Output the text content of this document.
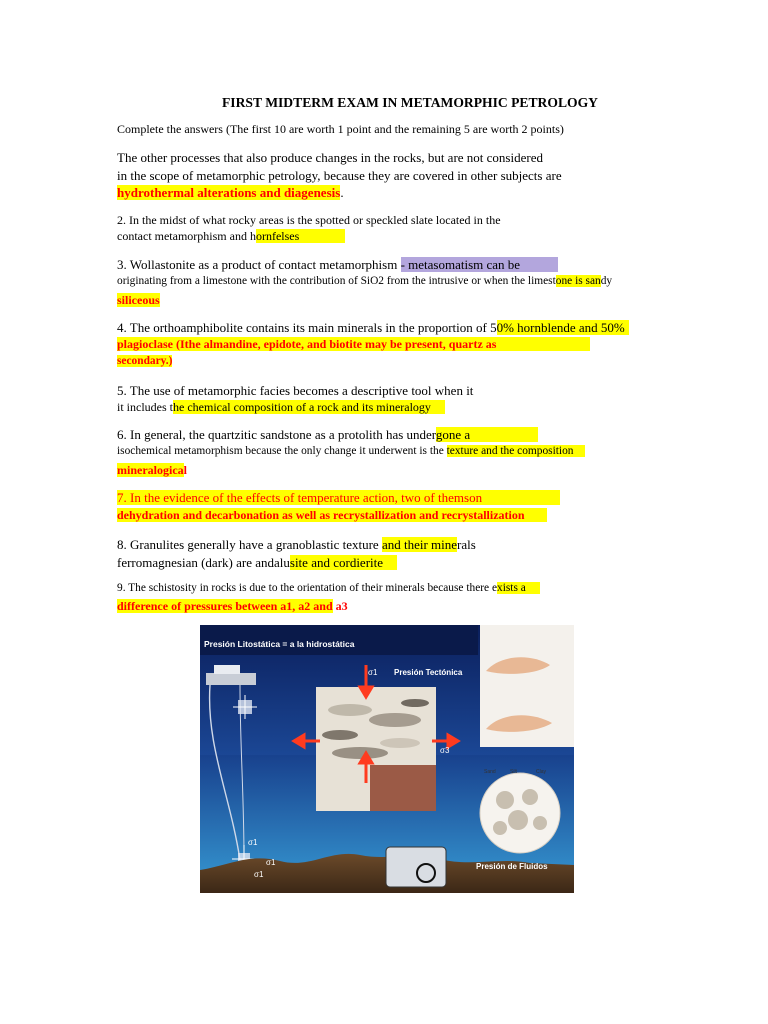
FIRST MIDTERM EXAM IN METAMORPHIC PETROLOGY
Complete the answers (The first 10 are worth 1 point and the remaining 5 are worth 2 points)
The other processes that also produce changes in the rocks, but are not considered
in the scope of metamorphic petrology, because they are covered in other subjects are
hydrothermal alterations and diagenesis.
2. In the midst of what rocky areas is the spotted or speckled slate located in the
contact metamorphism and hornfelses
3. Wollastonite as a product of contact metamorphism - metasomatism can be
originating from a limestone with the contribution of SiO2 from the intrusive or when the limestone is sandy
siliceous
4. The orthoamphibolite contains its main minerals in the proportion of 50% hornblende and 50%
plagioclase (Ithe almandine, epidote, and biotite may be present, quartz as
secondary.)
5. The use of metamorphic facies becomes a descriptive tool when it
it includes the chemical composition of a rock and its mineralogy
6. In general, the quartzitic sandstone as a protolith has undergone a
isochemical metamorphism because the only change it underwent is the texture and the composition
mineralogical
7. In the evidence of the effects of temperature action, two of themson
dehydration and decarbonation as well as recrystallization and recrystallization
8. Granulites generally have a granoblastic texture and their minerals
ferromagnesian (dark) are andalusite and cordierite
9. The schistosity in rocks is due to the orientation of their minerals because there exists a
difference of pressures between a1, a2 and a3
Presión Litostática = a la hidrostática
Presión Tectónica
σ1
σ3
σ1
σ1
σ1
Presión de Fluidos
Sand	Silt	Clay
